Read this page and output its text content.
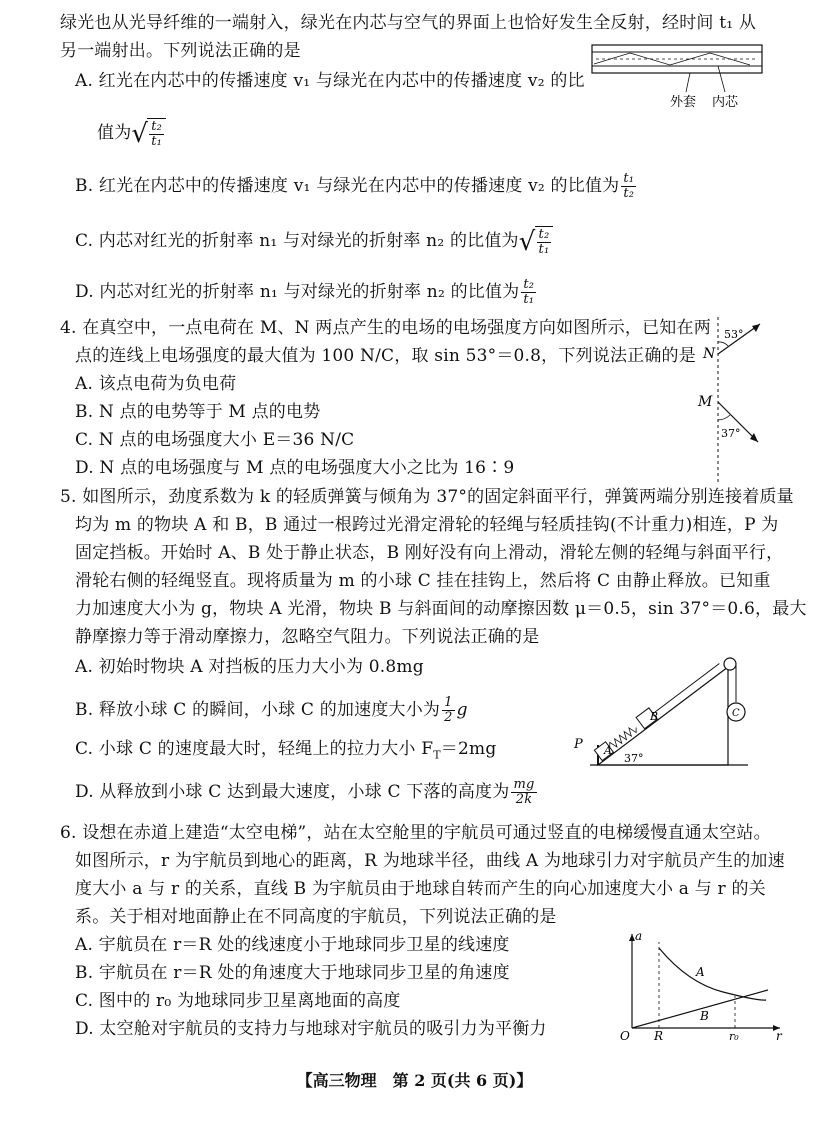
绿光也从光导纤维的一端射入，绿光在内芯与空气的界面上也恰好发生全反射，经时间 t₁ 从
另一端射出。下列说法正确的是
A. 红光在内芯中的传播速度 v₁ 与绿光在内芯中的传播速度 v₂ 的比
值为 √ $\frac{\text{t₂}}{\text{t₁}}$
B. 红光在内芯中的传播速度 v₁ 与绿光在内芯中的传播速度 v₂ 的比值为 $\frac{\text{t₁}}{\text{t₂}}$
C. 内芯对红光的折射率 n₁ 与对绿光的折射率 n₂ 的比值为 √ $\frac{\text{t₂}}{\text{t₁}}$
D. 内芯对红光的折射率 n₁ 与对绿光的折射率 n₂ 的比值为 $\frac{\text{t₂}}{\text{t₁}}$
外套 内芯
4. 在真空中，一点电荷在 M、N 两点产生的电场的电场强度方向如图所示，已知在两
点的连线上电场强度的最大值为 100 N/C，取 sin 53°＝0.8，下列说法正确的是
A. 该点电荷为负电荷
B. N 点的电势等于 M 点的电势
C. N 点的电场强度大小 E＝36 N/C
D. N 点的电场强度与 M 点的电场强度大小之比为 16∶9
N
M
53°
37°
5. 如图所示，劲度系数为 k 的轻质弹簧与倾角为 37°的固定斜面平行，弹簧两端分别连接着质量
均为 m 的物块 A 和 B，B 通过一根跨过光滑定滑轮的轻绳与轻质挂钩(不计重力)相连，P 为
固定挡板。开始时 A、B 处于静止状态，B 刚好没有向上滑动，滑轮左侧的轻绳与斜面平行，
滑轮右侧的轻绳竖直。现将质量为 m 的小球 C 挂在挂钩上，然后将 C 由静止释放。已知重
力加速度大小为 g，物块 A 光滑，物块 B 与斜面间的动摩擦因数 μ＝0.5，sin 37°＝0.6，最大
静摩擦力等于滑动摩擦力，忽略空气阻力。下列说法正确的是
A. 初始时物块 A 对挡板的压力大小为 0.8mg
B. 释放小球 C 的瞬间，小球 C 的加速度大小为 $\frac{1}{2}$ g
C. 小球 C 的速度最大时，轻绳上的拉力大小 $F_T=2mg$
D. 从释放到小球 C 达到最大速度，小球 C 下落的高度为 $\frac{mg}{2k}$
P A
B	C
37°
6. 设想在赤道上建造“太空电梯”，站在太空舱里的宇航员可通过竖直的电梯缓慢直通太空站。
如图所示，r 为宇航员到地心的距离，R 为地球半径，曲线 A 为地球引力对宇航员产生的加速
度大小 a 与 r 的关系，直线 B 为宇航员由于地球自转而产生的向心加速度大小 a 与 r 的关
系。关于相对地面静止在不同高度的宇航员，下列说法正确的是
A. 宇航员在 r＝R 处的线速度小于地球同步卫星的线速度
B. 宇航员在 r＝R 处的角速度大于地球同步卫星的角速度
C. 图中的 r₀ 为地球同步卫星离地面的高度
D. 太空舱对宇航员的支持力与地球对宇航员的吸引力为平衡力
a
A
B
O R	r₀	r
【高三物理　第 2 页(共 6 页)】
